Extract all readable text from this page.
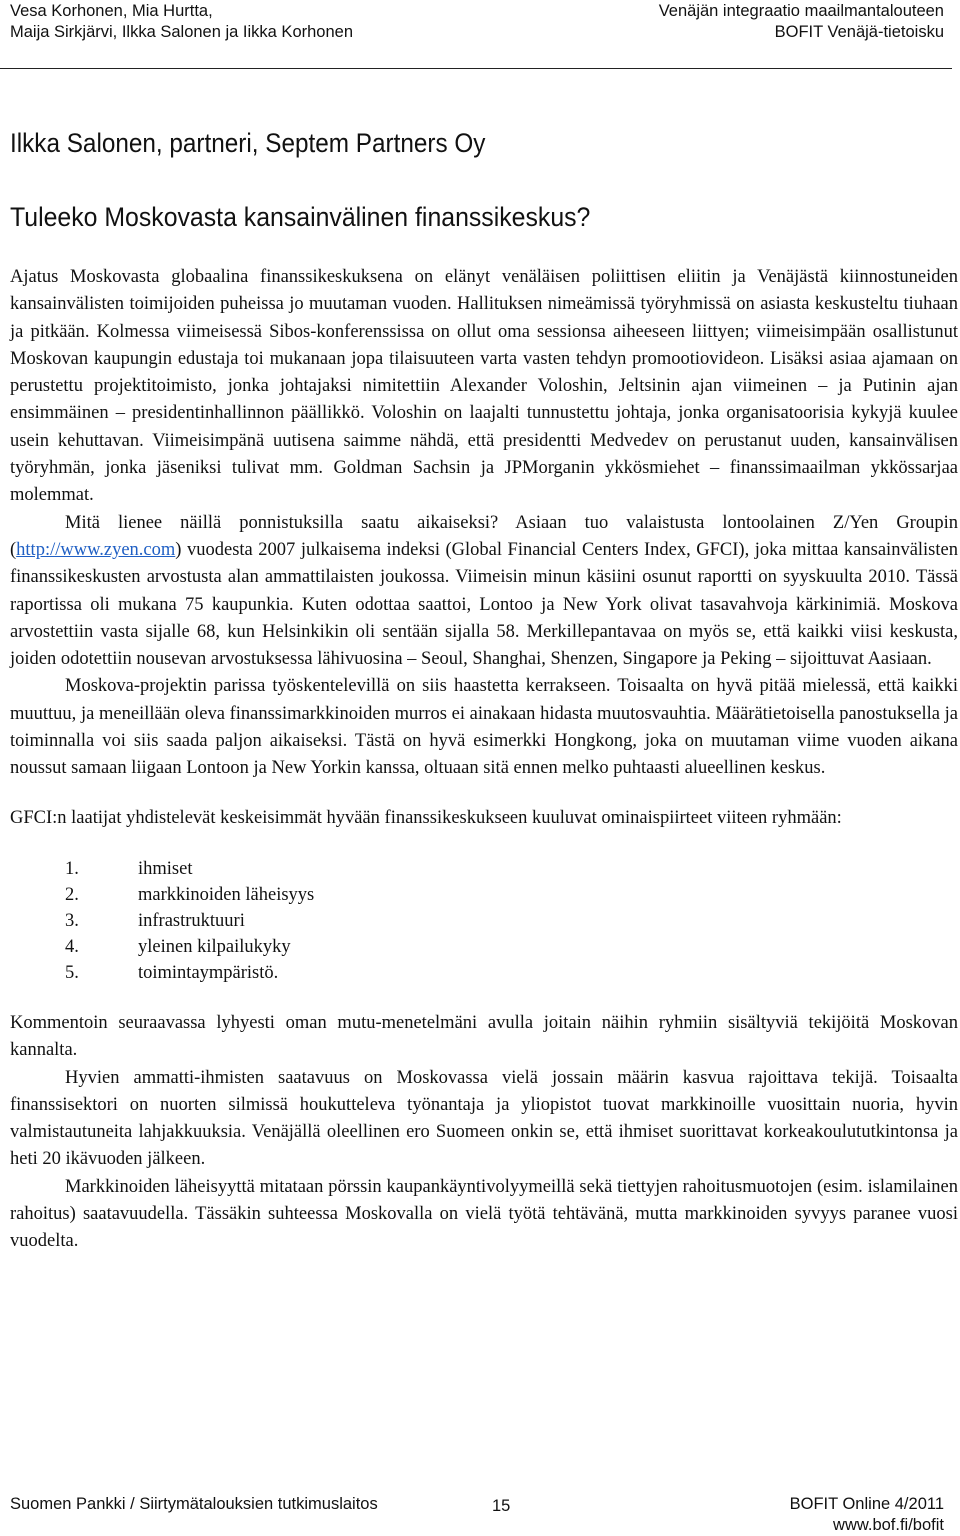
Vesa Korhonen, Mia Hurtta,
Maija Sirkjärvi, Ilkka Salonen ja Iikka Korhonen
Venäjän integraatio maailmantalouteen
BOFIT Venäjä-tietoisku
Ilkka Salonen, partneri, Septem Partners Oy
Tuleeko Moskovasta kansainvälinen finanssikeskus?

Ajatus Moskovasta globaalina finanssikeskuksena on elänyt venäläisen poliittisen eliitin ja Venäjästä kiinnostuneiden kansainvälisten toimijoiden puheissa jo muutaman vuoden. Hallituksen nimeämissä työryhmissä on asiasta keskusteltu tiuhaan ja pitkään. Kolmessa viimeisessä Sibos-konferenssissa on ollut oma sessionsa aiheeseen liittyen; viimeisimpään osallistunut Moskovan kaupungin edustaja toi mukanaan jopa tilaisuuteen varta vasten tehdyn promootiovideon. Lisäksi asiaa ajamaan on perustettu projektitoimisto, jonka johtajaksi nimitettiin Alexander Voloshin, Jeltsinin ajan viimeinen – ja Putinin ajan ensimmäinen – presidentinhallinnon päällikkö. Voloshin on laajalti tunnustettu johtaja, jonka organisatoorisia kykyjä kuulee usein kehuttavan. Viimeisimpänä uutisena saimme nähdä, että presidentti Medvedev on perustanut uuden, kansainvälisen työryhmän, jonka jäseniksi tulivat mm. Goldman Sachsin ja JPMorganin ykkösmiehet – finanssimaailman ykkössarjaa molemmat.

Mitä lienee näillä ponnistuksilla saatu aikaiseksi? Asiaan tuo valaistusta lontoolainen Z/Yen Groupin (http://www.zyen.com) vuodesta 2007 julkaisema indeksi (Global Financial Centers Index, GFCI), joka mittaa kansainvälisten finanssikeskusten arvostusta alan ammattilaisten joukossa. Viimeisin minun käsiini osunut raportti on syyskuulta 2010. Tässä raportissa oli mukana 75 kaupunkia. Kuten odottaa saattoi, Lontoo ja New York olivat tasavahvoja kärkinimiä. Moskova arvostettiin vasta sijalle 68, kun Helsinkikin oli sentään sijalla 58. Merkillepantavaa on myös se, että kaikki viisi keskusta, joiden odotettiin nousevan arvostuksessa lähivuosina – Seoul, Shanghai, Shenzen, Singapore ja Peking – sijoittuvat Aasiaan.

Moskova-projektin parissa työskentelevillä on siis haastetta kerrakseen. Toisaalta on hyvä pitää mielessä, että kaikki muuttuu, ja meneillään oleva finanssimarkkinoiden murros ei ainakaan hidasta muutosvauhtia. Määrätietoisella panostuksella ja toiminnalla voi siis saada paljon aikaiseksi. Tästä on hyvä esimerkki Hongkong, joka on muutaman viime vuoden aikana noussut samaan liigaan Lontoon ja New Yorkin kanssa, oltuaan sitä ennen melko puhtaasti alueellinen keskus.

GFCI:n laatijat yhdistelevät keskeisimmät hyvään finanssikeskukseen kuuluvat ominaispiirteet viiteen ryhmään:

1.	ihmiset
2.	markkinoiden läheisyys
3.	infrastruktuuri
4.	yleinen kilpailukyky
5.	toimintaympäristö.

Kommentoin seuraavassa lyhyesti oman mutu-menetelmäni avulla joitain näihin ryhmiin sisältyviä tekijöitä Moskovan kannalta.

Hyvien ammatti-ihmisten saatavuus on Moskovassa vielä jossain määrin kasvua rajoittava tekijä. Toisaalta finanssisektori on nuorten silmissä houkutteleva työnantaja ja yliopistot tuovat markkinoille vuosittain nuoria, hyvin valmistautuneita lahjakkuuksia. Venäjällä oleellinen ero Suomeen onkin se, että ihmiset suorittavat korkeakoulututkintonsa ja heti 20 ikävuoden jälkeen.

Markkinoiden läheisyyttä mitataan pörssin kaupankäyntivolyymeillä sekä tiettyjen rahoitusmuotojen (esim. islamilainen rahoitus) saatavuudella. Tässäkin suhteessa Moskovalla on vielä työtä tehtävänä, mutta markkinoiden syvyys paranee vuosi vuodelta.

Suomen Pankki / Siirtymätalouksien tutkimuslaitos	15	BOFIT Online 4/2011
www.bof.fi/bofit
